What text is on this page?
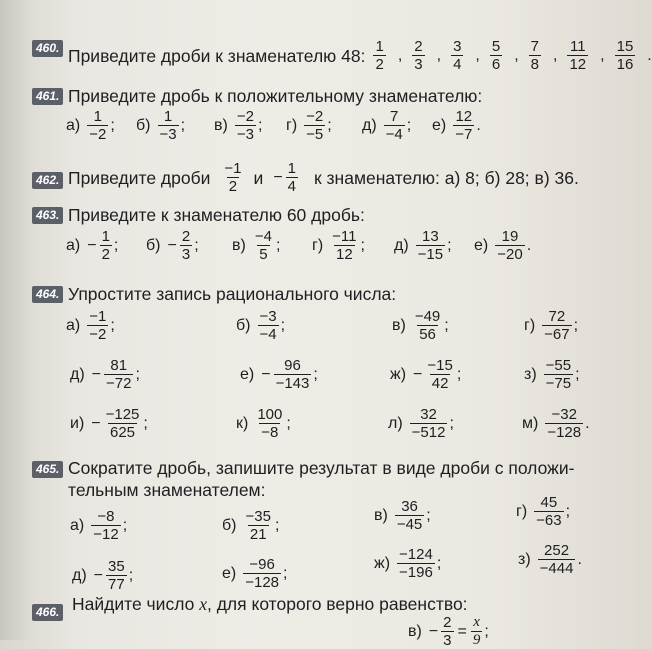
460. Приведите дроби к знаменателю 48: $\frac{1}{2}$ , $\frac{2}{3}$ , $\frac{3}{4}$ , $\frac{5}{6}$ , $\frac{7}{8}$ , $\frac{11}{12}$ , $\frac{15}{16}$ .
461. Приведите дробь к положительному знаменателю:
$а) \frac{1}{-2}$ ; $б) \frac{1}{-3}$ ; $в) \frac{-2}{-3}$ ; $г) \frac{-2}{-5}$ ; $д) \frac{7}{-4}$ ; $е) \frac{12}{-7}$ .
462. Приведите дроби $\frac{-1}{2}$ $и - \frac{1}{4}$ к знаменателю: а) 8; б) 28; в) 36.
463. Приведите к знаменателю 60 дробь:
$а) - \frac{1}{2}$ ; $б) - \frac{2}{3}$ ; $в) \frac{-4}{5}$ ; $г) \frac{-11}{12}$ ; $д) \frac{13}{-15}$ ; $е) \frac{19}{-20}$ .
464. Упростите запись рационального числа:
$а) \frac{-1}{-2}$ ;	$б) \frac{-3}{-4}$ ;	$в) \frac{-49}{56}$ ;	$г) \frac{72}{-67}$ ;
$д) - \frac{81}{-72}$ ;	$е) - \frac{96}{-143}$ ;	$ж) - \frac{-15}{42}$ ;	$з) \frac{-55}{-75}$ ;
$и) - \frac{-125}{625}$ ;	$к) \frac{100}{-8}$ ;	$л) \frac{32}{-512}$ ;	$м) \frac{-32}{-128}$ .
465. Сократите дробь, запишите результат в виде дроби с положи-
тельным знаменателем:
$а) \frac{-8}{-12}$ ;	$б) \frac{-35}{21}$ ;
$в) \frac{36}{-45}$ ;	$г) \frac{45}{-63}$ ;
$д) - \frac{35}{77}$ ;	$е) \frac{-96}{-128}$ ;
$ж) \frac{-124}{-196}$ ;	$з) \frac{252}{-444}$ .
466. Найдите число x, для которого верно равенство:
$в) - \frac{2}{3} = \frac{x}{9}$ ;
